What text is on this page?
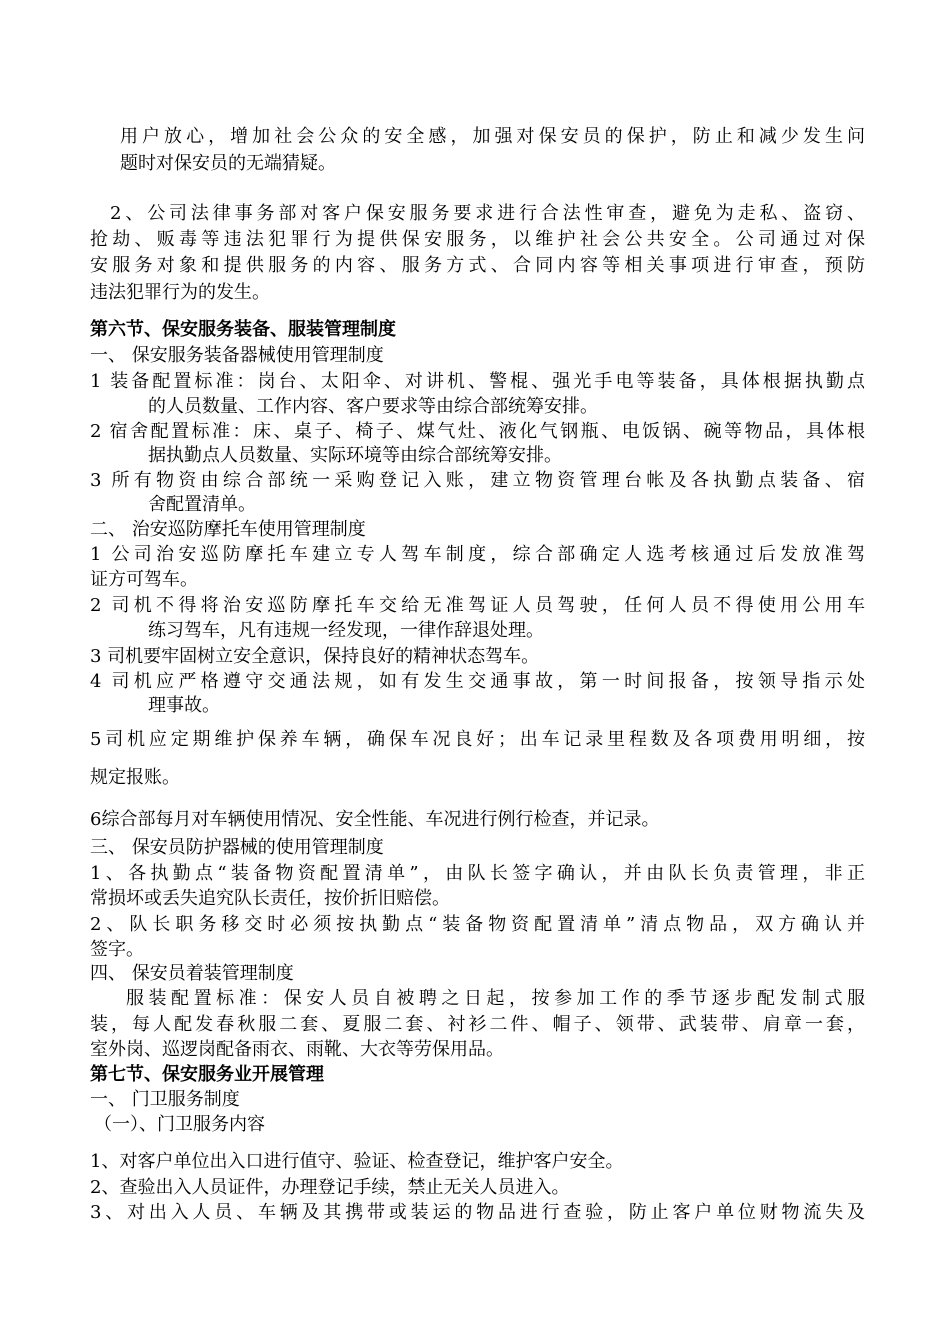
用户放心，增加社会公众的安全感，加强对保安员的保护，防止和减少发生问
题时对保安员的无端猜疑。
2、公司法律事务部对客户保安服务要求进行合法性审查，避免为走私、盗窃、
抢劫、贩毒等违法犯罪行为提供保安服务，以维护社会公共安全。公司通过对保
安服务对象和提供服务的内容、服务方式、合同内容等相关事项进行审查，预防
违法犯罪行为的发生。
第六节、保安服务装备、服装管理制度
一、 保安服务装备器械使用管理制度
1 装备配置标准：岗台、太阳伞、对讲机、警棍、强光手电等装备，具体根据执勤点
的人员数量、工作内容、客户要求等由综合部统筹安排。
2 宿舍配置标准：床、桌子、椅子、煤气灶、液化气钢瓶、电饭锅、碗等物品，具体根
据执勤点人员数量、实际环境等由综合部统筹安排。
3 所有物资由综合部统一采购登记入账，建立物资管理台帐及各执勤点装备、宿
舍配置清单。
二、 治安巡防摩托车使用管理制度
1 公司治安巡防摩托车建立专人驾车制度，综合部确定人选考核通过后发放准驾
证方可驾车。
2 司机不得将治安巡防摩托车交给无准驾证人员驾驶，任何人员不得使用公用车
练习驾车，凡有违规一经发现，一律作辞退处理。
3 司机要牢固树立安全意识，保持良好的精神状态驾车。
4 司机应严格遵守交通法规，如有发生交通事故，第一时间报备，按领导指示处
理事故。
5司机应定期维护保养车辆，确保车况良好；出车记录里程数及各项费用明细，按
规定报账。
6综合部每月对车辆使用情况、安全性能、车况进行例行检查，并记录。
三、 保安员防护器械的使用管理制度
1、各执勤点“装备物资配置清单”，由队长签字确认，并由队长负责管理，非正
常损坏或丢失追究队长责任，按价折旧赔偿。
2、队长职务移交时必须按执勤点“装备物资配置清单”清点物品，双方确认并
签字。
四、 保安员着装管理制度
服装配置标准：保安人员自被聘之日起，按参加工作的季节逐步配发制式服
装，每人配发春秋服二套、夏服二套、衬衫二件、帽子、领带、武装带、肩章一套，
室外岗、巡逻岗配备雨衣、雨靴、大衣等劳保用品。
第七节、保安服务业开展管理
一、 门卫服务制度
（一）、门卫服务内容
1、对客户单位出入口进行值守、验证、检查登记，维护客户安全。
2、查验出入人员证件，办理登记手续，禁止无关人员进入。
3、对出入人员、车辆及其携带或装运的物品进行查验，防止客户单位财物流失及
